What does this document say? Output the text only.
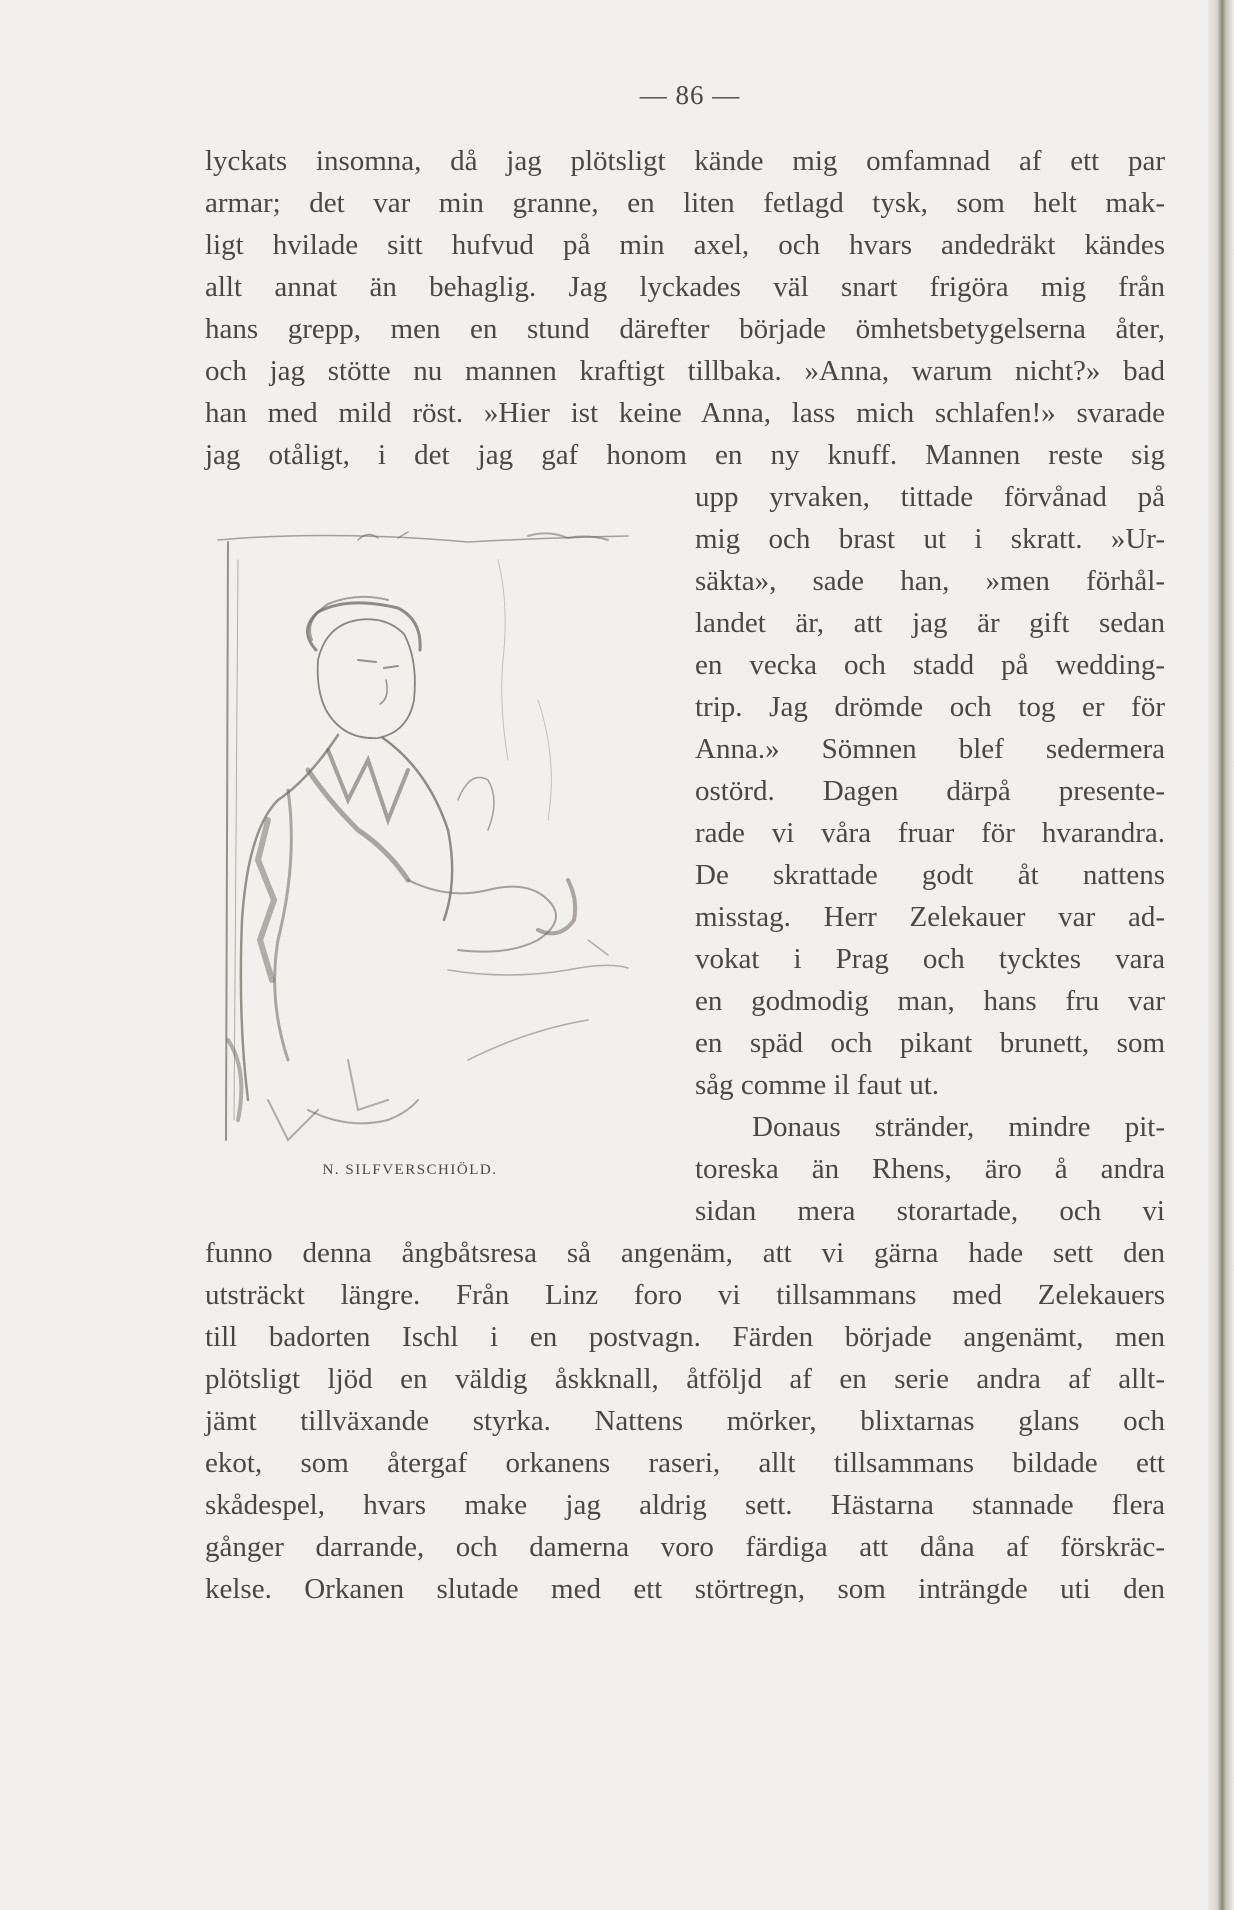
— 86 —
lyckats insomna, då jag plötsligt kände mig omfamnad af ett par
armar; det var min granne, en liten fetlagd tysk, som helt mak-
ligt hvilade sitt hufvud på min axel, och hvars andedräkt kändes
allt annat än behaglig. Jag lyckades väl snart frigöra mig från
hans grepp, men en stund därefter började ömhetsbetygelserna åter,
och jag stötte nu mannen kraftigt tillbaka. »Anna, warum nicht?» bad
han med mild röst. »Hier ist keine Anna, lass mich schlafen!» svarade
jag otåligt, i det jag gaf honom en ny knuff. Mannen reste sig
upp yrvaken, tittade förvånad på
mig och brast ut i skratt. »Ur-
säkta», sade han, »men förhål-
landet är, att jag är gift sedan
en vecka och stadd på wedding-
trip. Jag drömde och tog er för
Anna.» Sömnen blef sedermera
ostörd. Dagen därpå presente-
rade vi våra fruar för hvarandra.
De skrattade godt åt nattens
misstag. Herr Zelekauer var ad-
vokat i Prag och tycktes vara
en godmodig man, hans fru var
en späd och pikant brunett, som
såg comme il faut ut.
Donaus stränder, mindre pit-
toreska än Rhens, äro å andra
sidan mera storartade, och vi
N. SILFVERSCHIÖLD.
funno denna ångbåtsresa så angenäm, att vi gärna hade sett den
utsträckt längre. Från Linz foro vi tillsammans med Zelekauers
till badorten Ischl i en postvagn. Färden började angenämt, men
plötsligt ljöd en väldig åskknall, åtföljd af en serie andra af allt-
jämt tillväxande styrka. Nattens mörker, blixtarnas glans och
ekot, som återgaf orkanens raseri, allt tillsammans bildade ett
skådespel, hvars make jag aldrig sett. Hästarna stannade flera
gånger darrande, och damerna voro färdiga att dåna af förskräc-
kelse. Orkanen slutade med ett störtregn, som inträngde uti den
